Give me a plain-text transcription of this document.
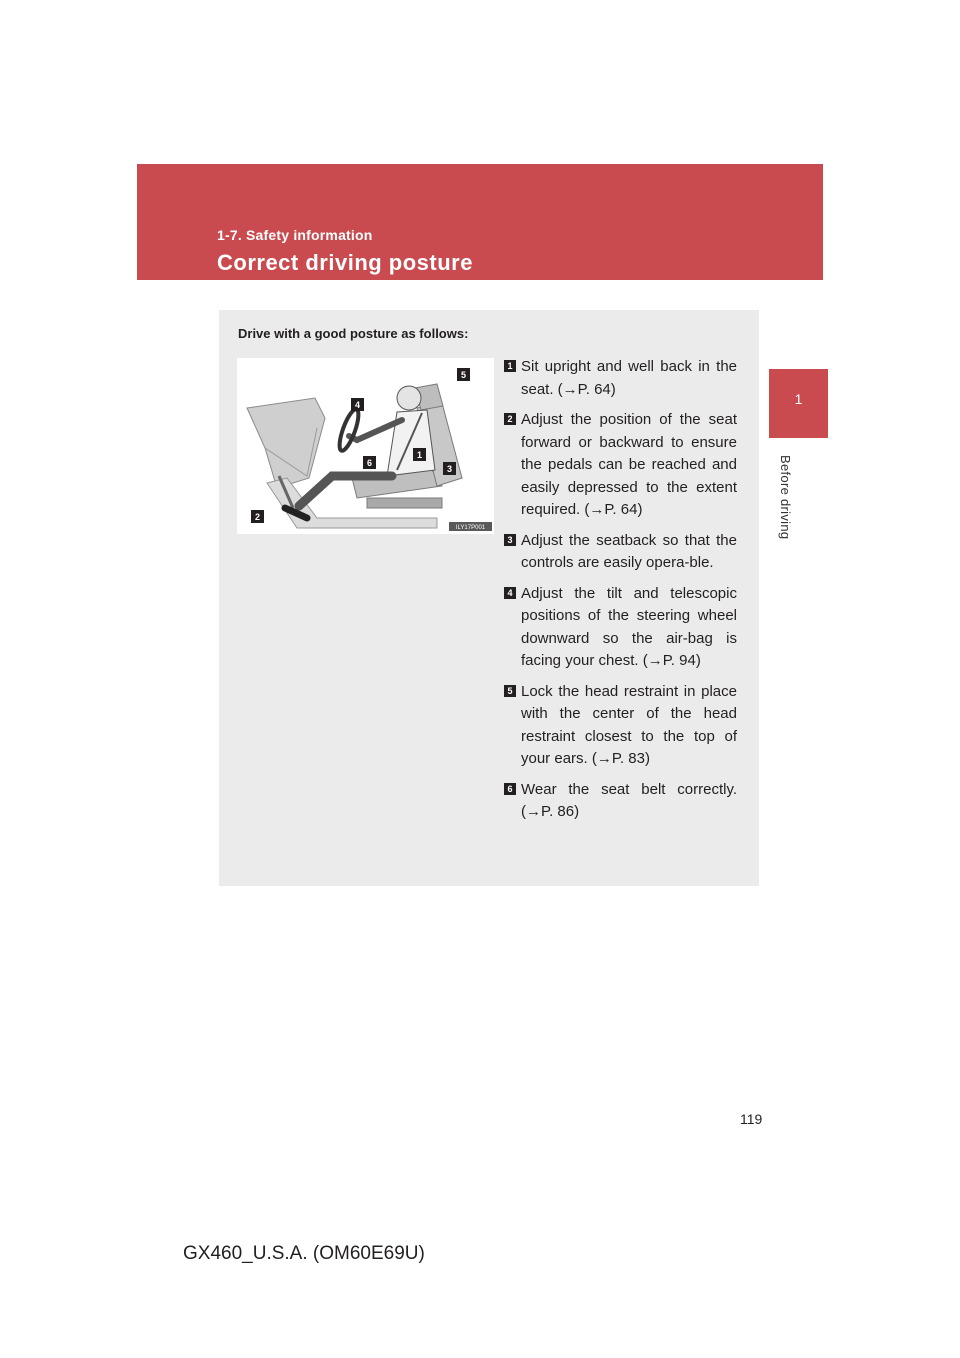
1-7. Safety information
Correct driving posture
1
Before driving
Drive with a good posture as follows:
1
2
3
4
5
6
ILY17P001
1 Sit upright and well back in the seat. (→P. 64)
2 Adjust the position of the seat forward or backward to ensure the pedals can be reached and easily depressed to the extent required. (→P. 64)
3 Adjust the seatback so that the controls are easily opera-ble.
4 Adjust the tilt and telescopic positions of the steering wheel downward so the air-bag is facing your chest. (→P. 94)
5 Lock the head restraint in place with the center of the head restraint closest to the top of your ears. (→P. 83)
6 Wear the seat belt correctly. (→P. 86)
119
GX460_U.S.A. (OM60E69U)
